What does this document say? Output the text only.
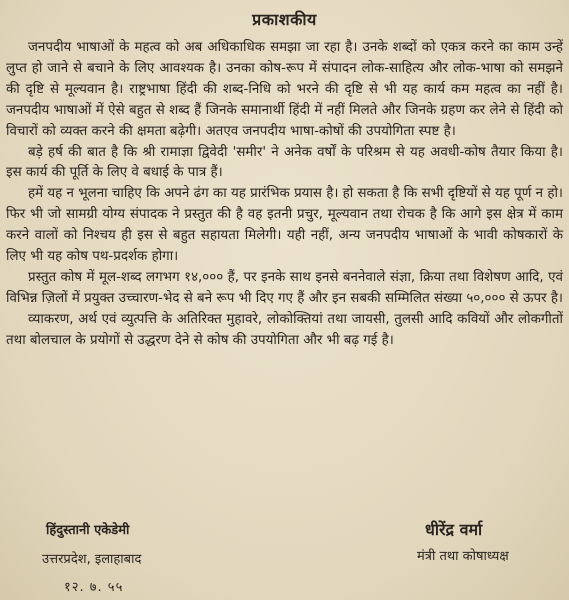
प्रकाशकीय

जनपदीय भाषाओं के महत्व को अब अधिकाधिक समझा जा रहा है। उनके शब्दों को एकत्र करने का काम उन्हें लुप्त हो जाने से बचाने के लिए आवश्यक है। उनका कोष-रूप में संपादन लोक-साहित्य और लोक-भाषा को समझने की दृष्टि से मूल्यवान है। राष्ट्रभाषा हिंदी की शब्द-निधि को भरने की दृष्टि से भी यह कार्य कम महत्व का नहीं है। जनपदीय भाषाओं में ऐसे बहुत से शब्द हैं जिनके समानार्थी हिंदी में नहीं मिलते और जिनके ग्रहण कर लेने से हिंदी को विचारों को व्यक्त करने की क्षमता बढ़ेगी। अतएव जनपदीय भाषा-कोषों की उपयोगिता स्पष्ट है।

बड़े हर्ष की बात है कि श्री रामाज्ञा द्विवेदी 'समीर' ने अनेक वर्षों के परिश्रम से यह अवधी-कोष तैयार किया है। इस कार्य की पूर्ति के लिए वे बधाई के पात्र हैं।

हमें यह न भूलना चाहिए कि अपने ढंग का यह प्रारंभिक प्रयास है। हो सकता है कि सभी दृष्टियों से यह पूर्ण न हो। फिर भी जो सामग्री योग्य संपादक ने प्रस्तुत की है वह इतनी प्रचुर, मूल्यवान तथा रोचक है कि आगे इस क्षेत्र में काम करने वालों को निश्चय ही इस से बहुत सहायता मिलेगी। यही नहीं, अन्य जनपदीय भाषाओं के भावी कोषकारों के लिए भी यह कोष पथ-प्रदर्शक होगा।

प्रस्तुत कोष में मूल-शब्द लगभग १४,००० हैं, पर इनके साथ इनसे बननेवाले संज्ञा, क्रिया तथा विशेषण आदि, एवं विभिन्न ज़िलों में प्रयुक्त उच्चारण-भेद से बने रूप भी दिए गए हैं और इन सबकी सम्मिलित संख्या ५०,००० से ऊपर है।

व्याकरण, अर्थ एवं व्युत्पत्ति के अतिरिक्त मुहावरे, लोकोक्तियां तथा जायसी, तुलसी आदि कवियों और लोकगीतों तथा बोलचाल के प्रयोगों से उद्धरण देने से कोष की उपयोगिता और भी बढ़ गई है।

हिंदुस्तानी एकेडेमी
उत्तरप्रदेश, इलाहाबाद
१२. ७. ५५
धीरेंद्र वर्मा
मंत्री तथा कोषाध्यक्ष
